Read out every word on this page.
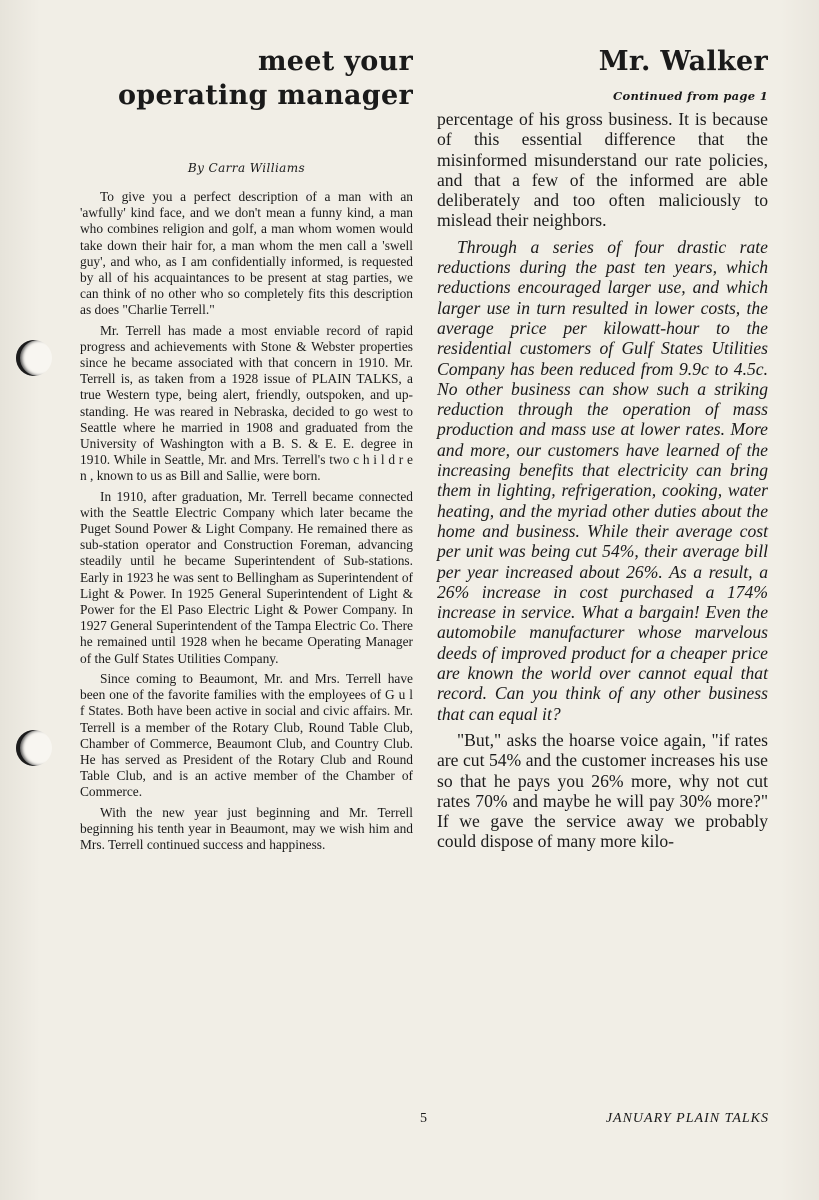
meet your
operating manager
By Carra Williams

To give you a perfect description of a man with an 'awfully' kind face, and we don't mean a funny kind, a man who combines religion and golf, a man whom women would take down their hair for, a man whom the men call a 'swell guy', and who, as I am confidentially informed, is requested by all of his acquaintances to be present at stag parties, we can think of no other who so completely fits this description as does "Charlie Terrell."

Mr. Terrell has made a most enviable record of rapid progress and achievements with Stone & Webster properties since he became associated with that concern in 1910. Mr. Terrell is, as taken from a 1928 issue of PLAIN TALKS, a true Western type, being alert, friendly, outspoken, and up-standing. He was reared in Nebraska, decided to go west to Seattle where he married in 1908 and graduated from the University of Washington with a B. S. & E. E. degree in 1910. While in Seattle, Mr. and Mrs. Terrell's two c h i l d r e n , known to us as Bill and Sallie, were born.

In 1910, after graduation, Mr. Terrell became connected with the Seattle Electric Company which later became the Puget Sound Power & Light Company. He remained there as sub-station operator and Construction Foreman, advancing steadily until he became Superintendent of Sub-stations. Early in 1923 he was sent to Bellingham as Superintendent of Light & Power. In 1925 General Superintendent of Light & Power for the El Paso Electric Light & Power Company. In 1927 General Superintendent of the Tampa Electric Co. There he remained until 1928 when he became Operating Manager of the Gulf States Utilities Company.

Since coming to Beaumont, Mr. and Mrs. Terrell have been one of the favorite families with the employees of G u l f States. Both have been active in social and civic affairs. Mr. Terrell is a member of the Rotary Club, Round Table Club, Chamber of Commerce, Beaumont Club, and Country Club. He has served as President of the Rotary Club and Round Table Club, and is an active member of the Chamber of Commerce.

With the new year just beginning and Mr. Terrell beginning his tenth year in Beaumont, may we wish him and Mrs. Terrell continued success and happiness.

Mr. Walker
Continued from page 1

percentage of his gross business. It is because of this essential difference that the misinformed misunderstand our rate policies, and that a few of the informed are able deliberately and too often maliciously to mislead their neighbors.

Through a series of four drastic rate reductions during the past ten years, which reductions encouraged larger use, and which larger use in turn resulted in lower costs, the average price per kilowatt-hour to the residential customers of Gulf States Utilities Company has been reduced from 9.9c to 4.5c. No other business can show such a striking reduction through the operation of mass production and mass use at lower rates. More and more, our customers have learned of the increasing benefits that electricity can bring them in lighting, refrigeration, cooking, water heating, and the myriad other duties about the home and business. While their average cost per unit was being cut 54%, their average bill per year increased about 26%. As a result, a 26% increase in cost purchased a 174% increase in service. What a bargain! Even the automobile manufacturer whose marvelous deeds of improved product for a cheaper price are known the world over cannot equal that record. Can you think of any other business that can equal it?

"But," asks the hoarse voice again, "if rates are cut 54% and the customer increases his use so that he pays you 26% more, why not cut rates 70% and maybe he will pay 30% more?" If we gave the service away we probably could dispose of many more kilo-

5	JANUARY PLAIN TALKS
